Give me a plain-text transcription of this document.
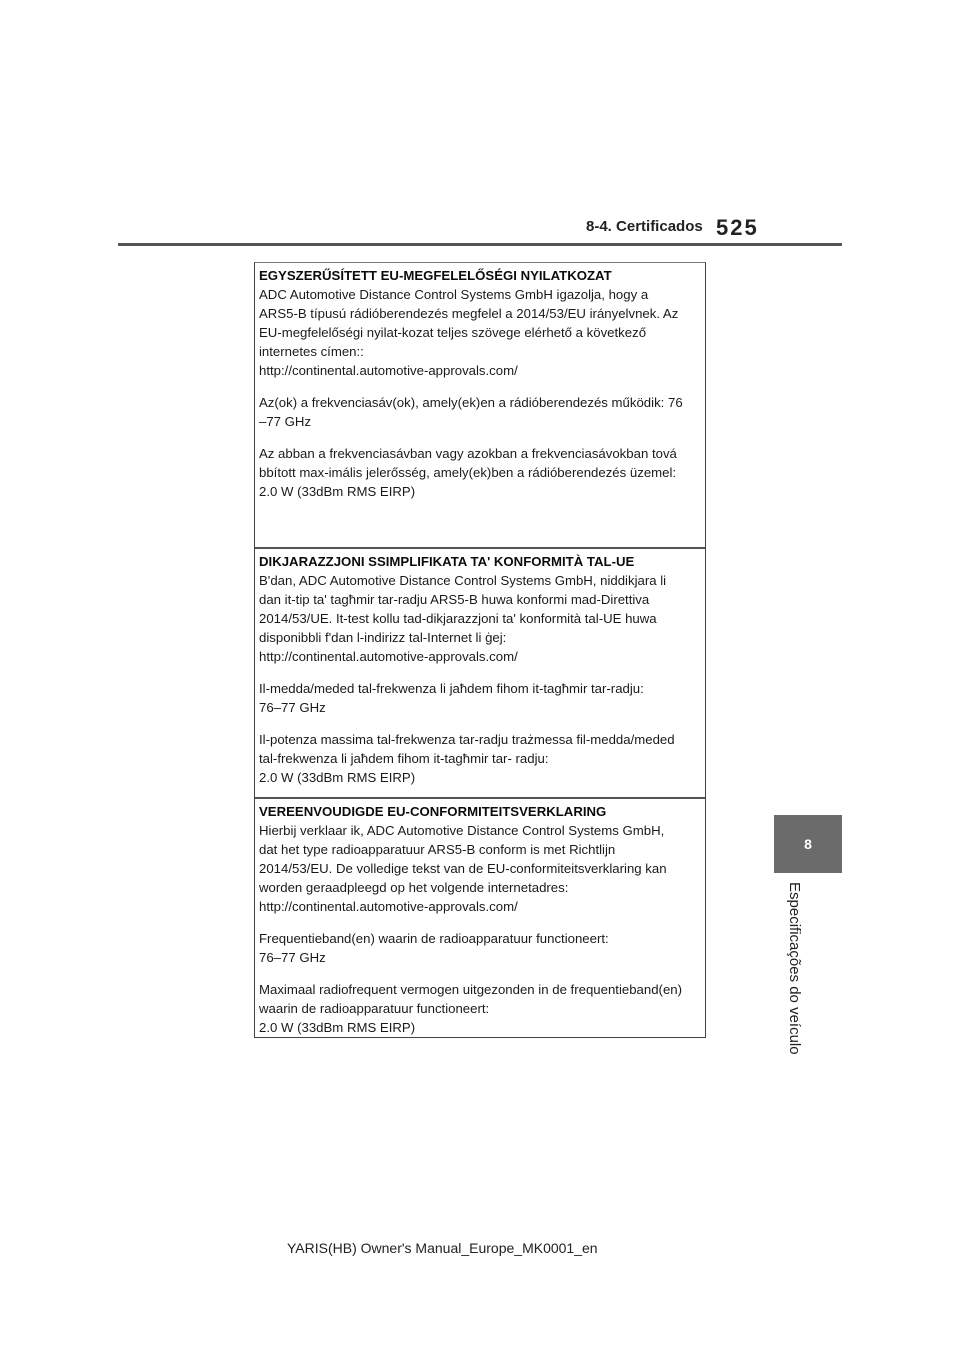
8-4. Certificados 525
8
Especificações do veículo

EGYSZERŰSÍTETT EU-MEGFELELŐSÉGI NYILATKOZAT

ADC Automotive Distance Control Systems GmbH igazolja, hogy a
ARS5-B típusú rádióberendezés megfelel a 2014/53/EU irányelvnek. Az
EU-megfelelőségi nyilat-kozat teljes szövege elérhető a következő
internetes címen::
http://continental.automotive-approvals.com/

Az(ok) a frekvenciasáv(ok), amely(ek)en a rádióberendezés működik: 76
–77 GHz

Az abban a frekvenciasávban vagy azokban a frekvenciasávokban tová
bbított max-imális jelerősség, amely(ek)ben a rádióberendezés üzemel:
2.0 W (33dBm RMS EIRP)

DIKJARAZZJONI SSIMPLIFIKATA TA' KONFORMITÀ TAL-UE

B'dan, ADC Automotive Distance Control Systems GmbH, niddikjara li
dan it-tip ta' tagħmir tar-radju ARS5-B huwa konformi mad-Direttiva
2014/53/UE. It-test kollu tad-dikjarazzjoni ta' konformità tal-UE huwa
disponibbli f'dan l-indirizz tal-Internet li ġej:
http://continental.automotive-approvals.com/

Il-medda/meded tal-frekwenza li jaħdem fihom it-tagħmir tar-radju:
76–77 GHz

Il-potenza massima tal-frekwenza tar-radju trażmessa fil-medda/meded
tal-frekwenza li jaħdem fihom it-tagħmir tar- radju:
2.0 W (33dBm RMS EIRP)

VEREENVOUDIGDE EU-CONFORMITEITSVERKLARING

Hierbij verklaar ik, ADC Automotive Distance Control Systems GmbH,
dat het type radioapparatuur ARS5-B conform is met Richtlijn
2014/53/EU. De volledige tekst van de EU-conformiteitsverklaring kan
worden geraadpleegd op het volgende internetadres:
http://continental.automotive-approvals.com/

Frequentieband(en) waarin de radioapparatuur functioneert:
76–77 GHz

Maximaal radiofrequent vermogen uitgezonden in de frequentieband(en)
waarin de radioapparatuur functioneert:
2.0 W (33dBm RMS EIRP)

YARIS(HB) Owner's Manual_Europe_MK0001_en
